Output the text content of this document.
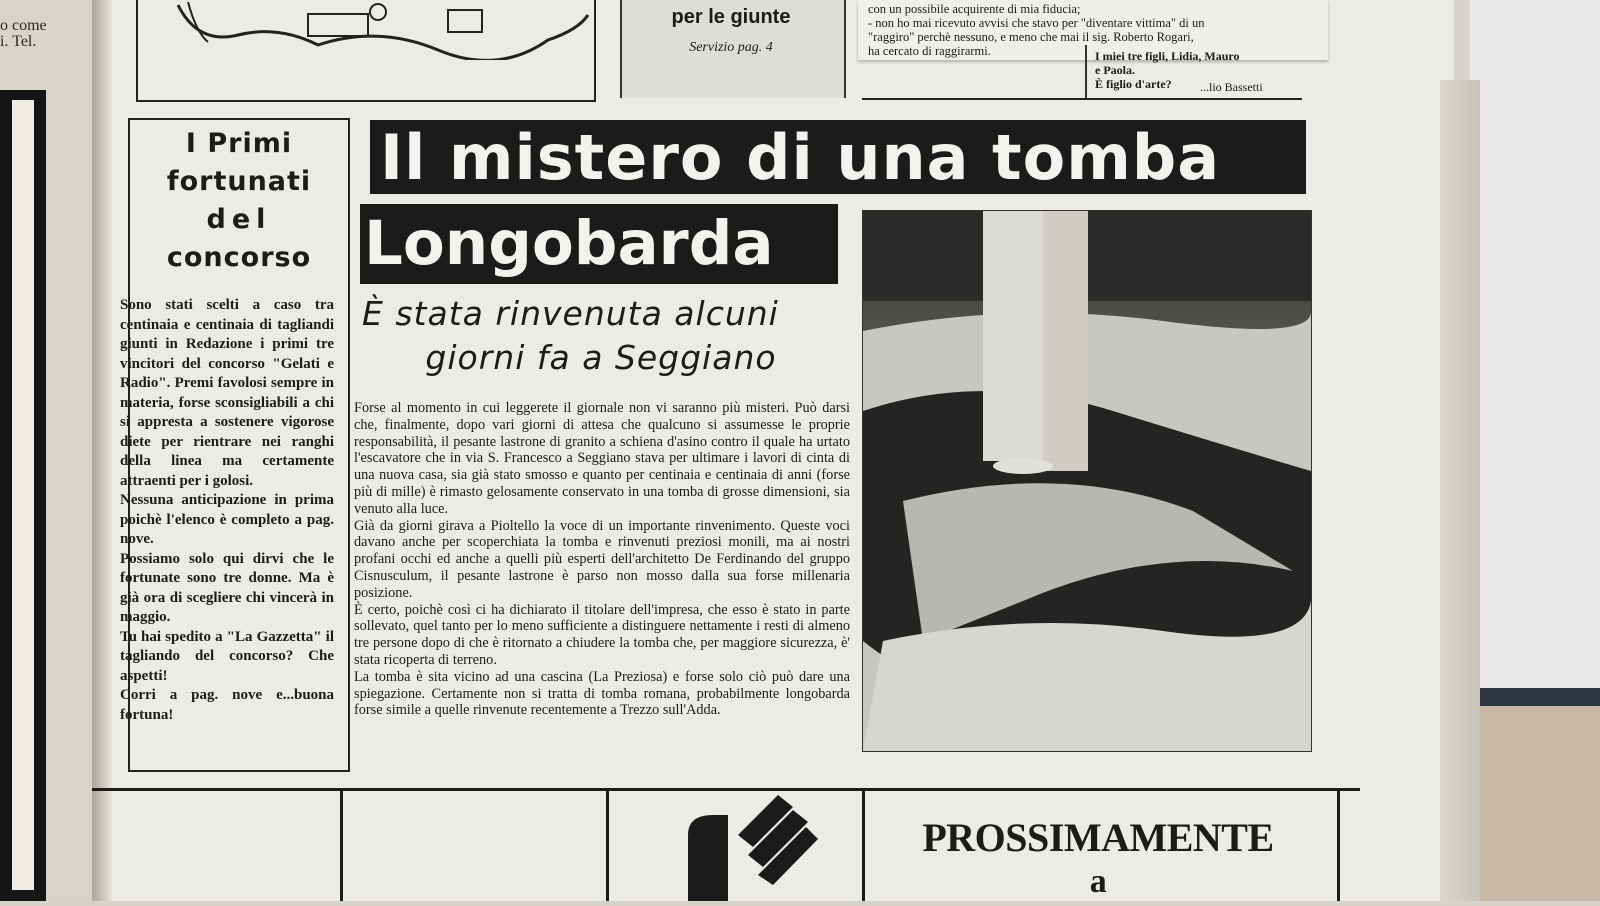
o come
i. Tel.
per le giunte
Servizio pag. 4
con un possibile acquirente di mia fiducia;
- non ho mai ricevuto avvisi che stavo per "diventare vittima" di un
"raggiro" perchè nessuno, e meno che mai il sig. Roberto Rogari,
ha cercato di raggirarmi.	I miei tre figli, Lidia, Mauro
e Paola.
È figlio d'arte? ...lio Bassetti
I Primi
fortunati
del
concorso

Sono stati scelti a caso tra centinaia e centinaia di tagliandi giunti in Redazione i primi tre vincitori del concorso "Gelati e Radio". Premi favolosi sempre in materia, forse sconsigliabili a chi si appresta a sostenere vigorose diete per rientrare nei ranghi della linea ma certamente attraenti per i golosi.

Nessuna anticipazione in prima poichè l'elenco è completo a pag. nove.

Possiamo solo qui dirvi che le fortunate sono tre donne. Ma è già ora di scegliere chi vincerà in maggio.

Tu hai spedito a "La Gazzetta" il tagliando del concorso? Che aspetti!

Corri a pag. nove e...buona fortuna!

Il mistero di una tomba
Longobarda
È stata rinvenuta alcuni
giorni fa a Seggiano

Forse al momento in cui leggerete il giornale non vi saranno più misteri. Può darsi che, finalmente, dopo vari giorni di attesa che qualcuno si assumesse le proprie responsabilità, il pesante lastrone di granito a schiena d'asino contro il quale ha urtato l'escavatore che in via S. Francesco a Seggiano stava per ultimare i lavori di cinta di una nuova casa, sia già stato smosso e quanto per centinaia e centinaia di anni (forse più di mille) è rimasto gelosamente conservato in una tomba di grosse dimensioni, sia venuto alla luce.

Già da giorni girava a Pioltello la voce di un importante rinvenimento. Queste voci davano anche per scoperchiata la tomba e rinvenuti preziosi monili, ma ai nostri profani occhi ed anche a quelli più esperti dell'architetto De Ferdinando del gruppo Cisnusculum, il pesante lastrone è parso non mosso dalla sua forse millenaria posizione.

È certo, poichè così ci ha dichiarato il titolare dell'impresa, che esso è stato in parte sollevato, quel tanto per lo meno sufficiente a distinguere nettamente i resti di almeno tre persone dopo di che è ritornato a chiudere la tomba che, per maggiore sicurezza, è' stata ricoperta di terreno.

La tomba è sita vicino ad una cascina (La Preziosa) e forse solo ciò può dare una spiegazione. Certamente non si tratta di tomba romana, probabilmente longobarda forse simile a quelle rinvenute recentemente a Trezzo sull'Adda.

PROSSIMAMENTE
a
